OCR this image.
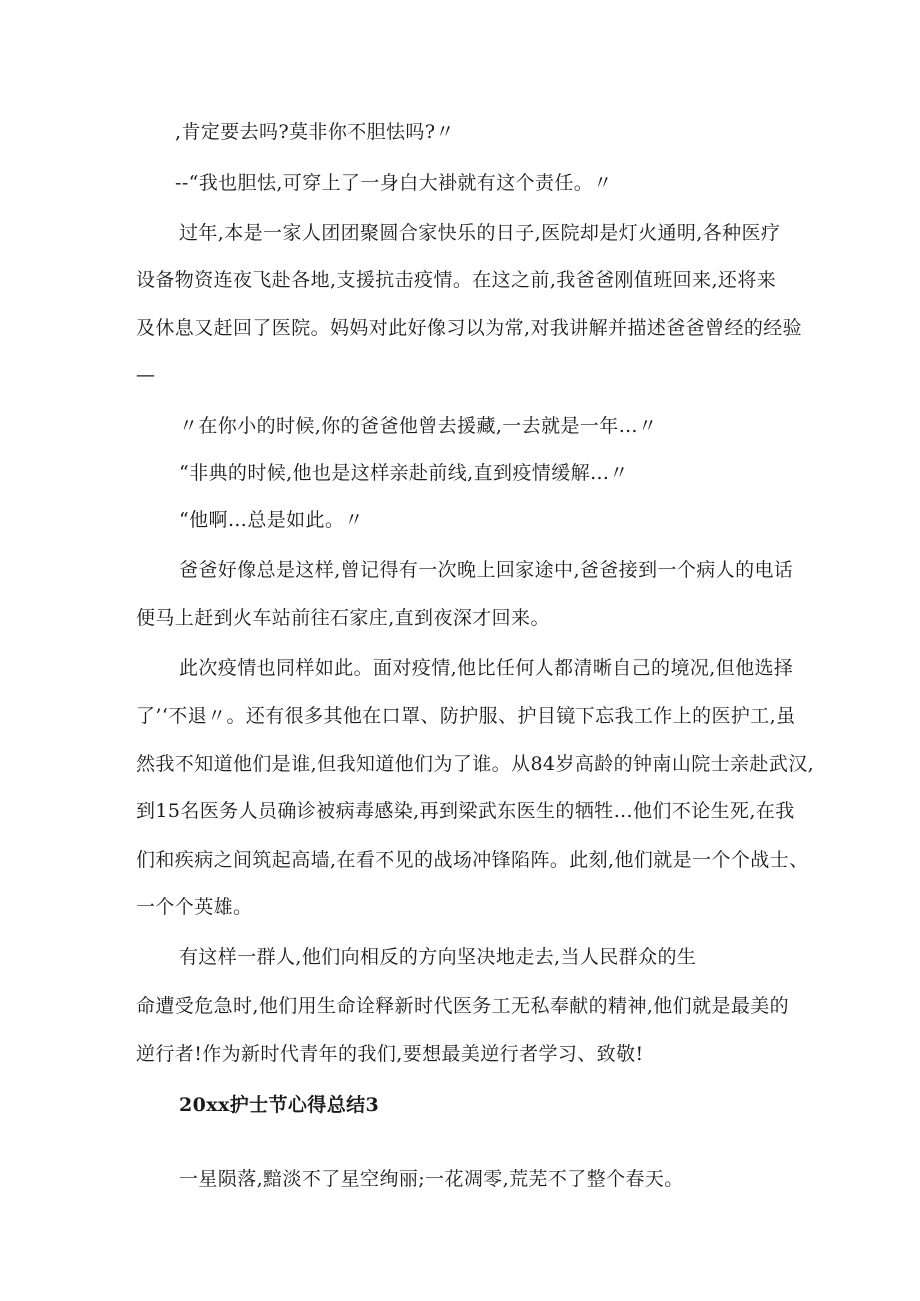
,肯定要去吗?莫非你不胆怯吗?〃
--“我也胆怯,可穿上了一身白大褂就有这个责任。〃
过年,本是一家人团团聚圆合家快乐的日子,医院却是灯火通明,各种医疗
设备物资连夜飞赴各地,支援抗击疫情。在这之前,我爸爸刚值班回来,还将来
及休息又赶回了医院。妈妈对此好像习以为常,对我讲解并描述爸爸曾经的经验
—
〃在你小的时候,你的爸爸他曾去援藏,一去就是一年…〃
“非典的时候,他也是这样亲赴前线,直到疫情缓解…〃
“他啊…总是如此。〃
爸爸好像总是这样,曾记得有一次晚上回家途中,爸爸接到一个病人的电话
便马上赶到火车站前往石家庄,直到夜深才回来。
此次疫情也同样如此。面对疫情,他比任何人都清晰自己的境况,但他选择
了’‘不退〃。还有很多其他在口罩、防护服、护目镜下忘我工作上的医护工,虽
然我不知道他们是谁,但我知道他们为了谁。从84岁高龄的钟南山院士亲赴武汉,
到15名医务人员确诊被病毒感染,再到梁武东医生的牺牲…他们不论生死,在我
们和疾病之间筑起高墙,在看不见的战场冲锋陷阵。此刻,他们就是一个个战士、
一个个英雄。
有这样一群人,他们向相反的方向坚决地走去,当人民群众的生
命遭受危急时,他们用生命诠释新时代医务工无私奉献的精神,他们就是最美的
逆行者!作为新时代青年的我们,要想最美逆行者学习、致敬!
20xx护士节心得总结3
一星陨落,黯淡不了星空绚丽;一花凋零,荒芜不了整个春天。
